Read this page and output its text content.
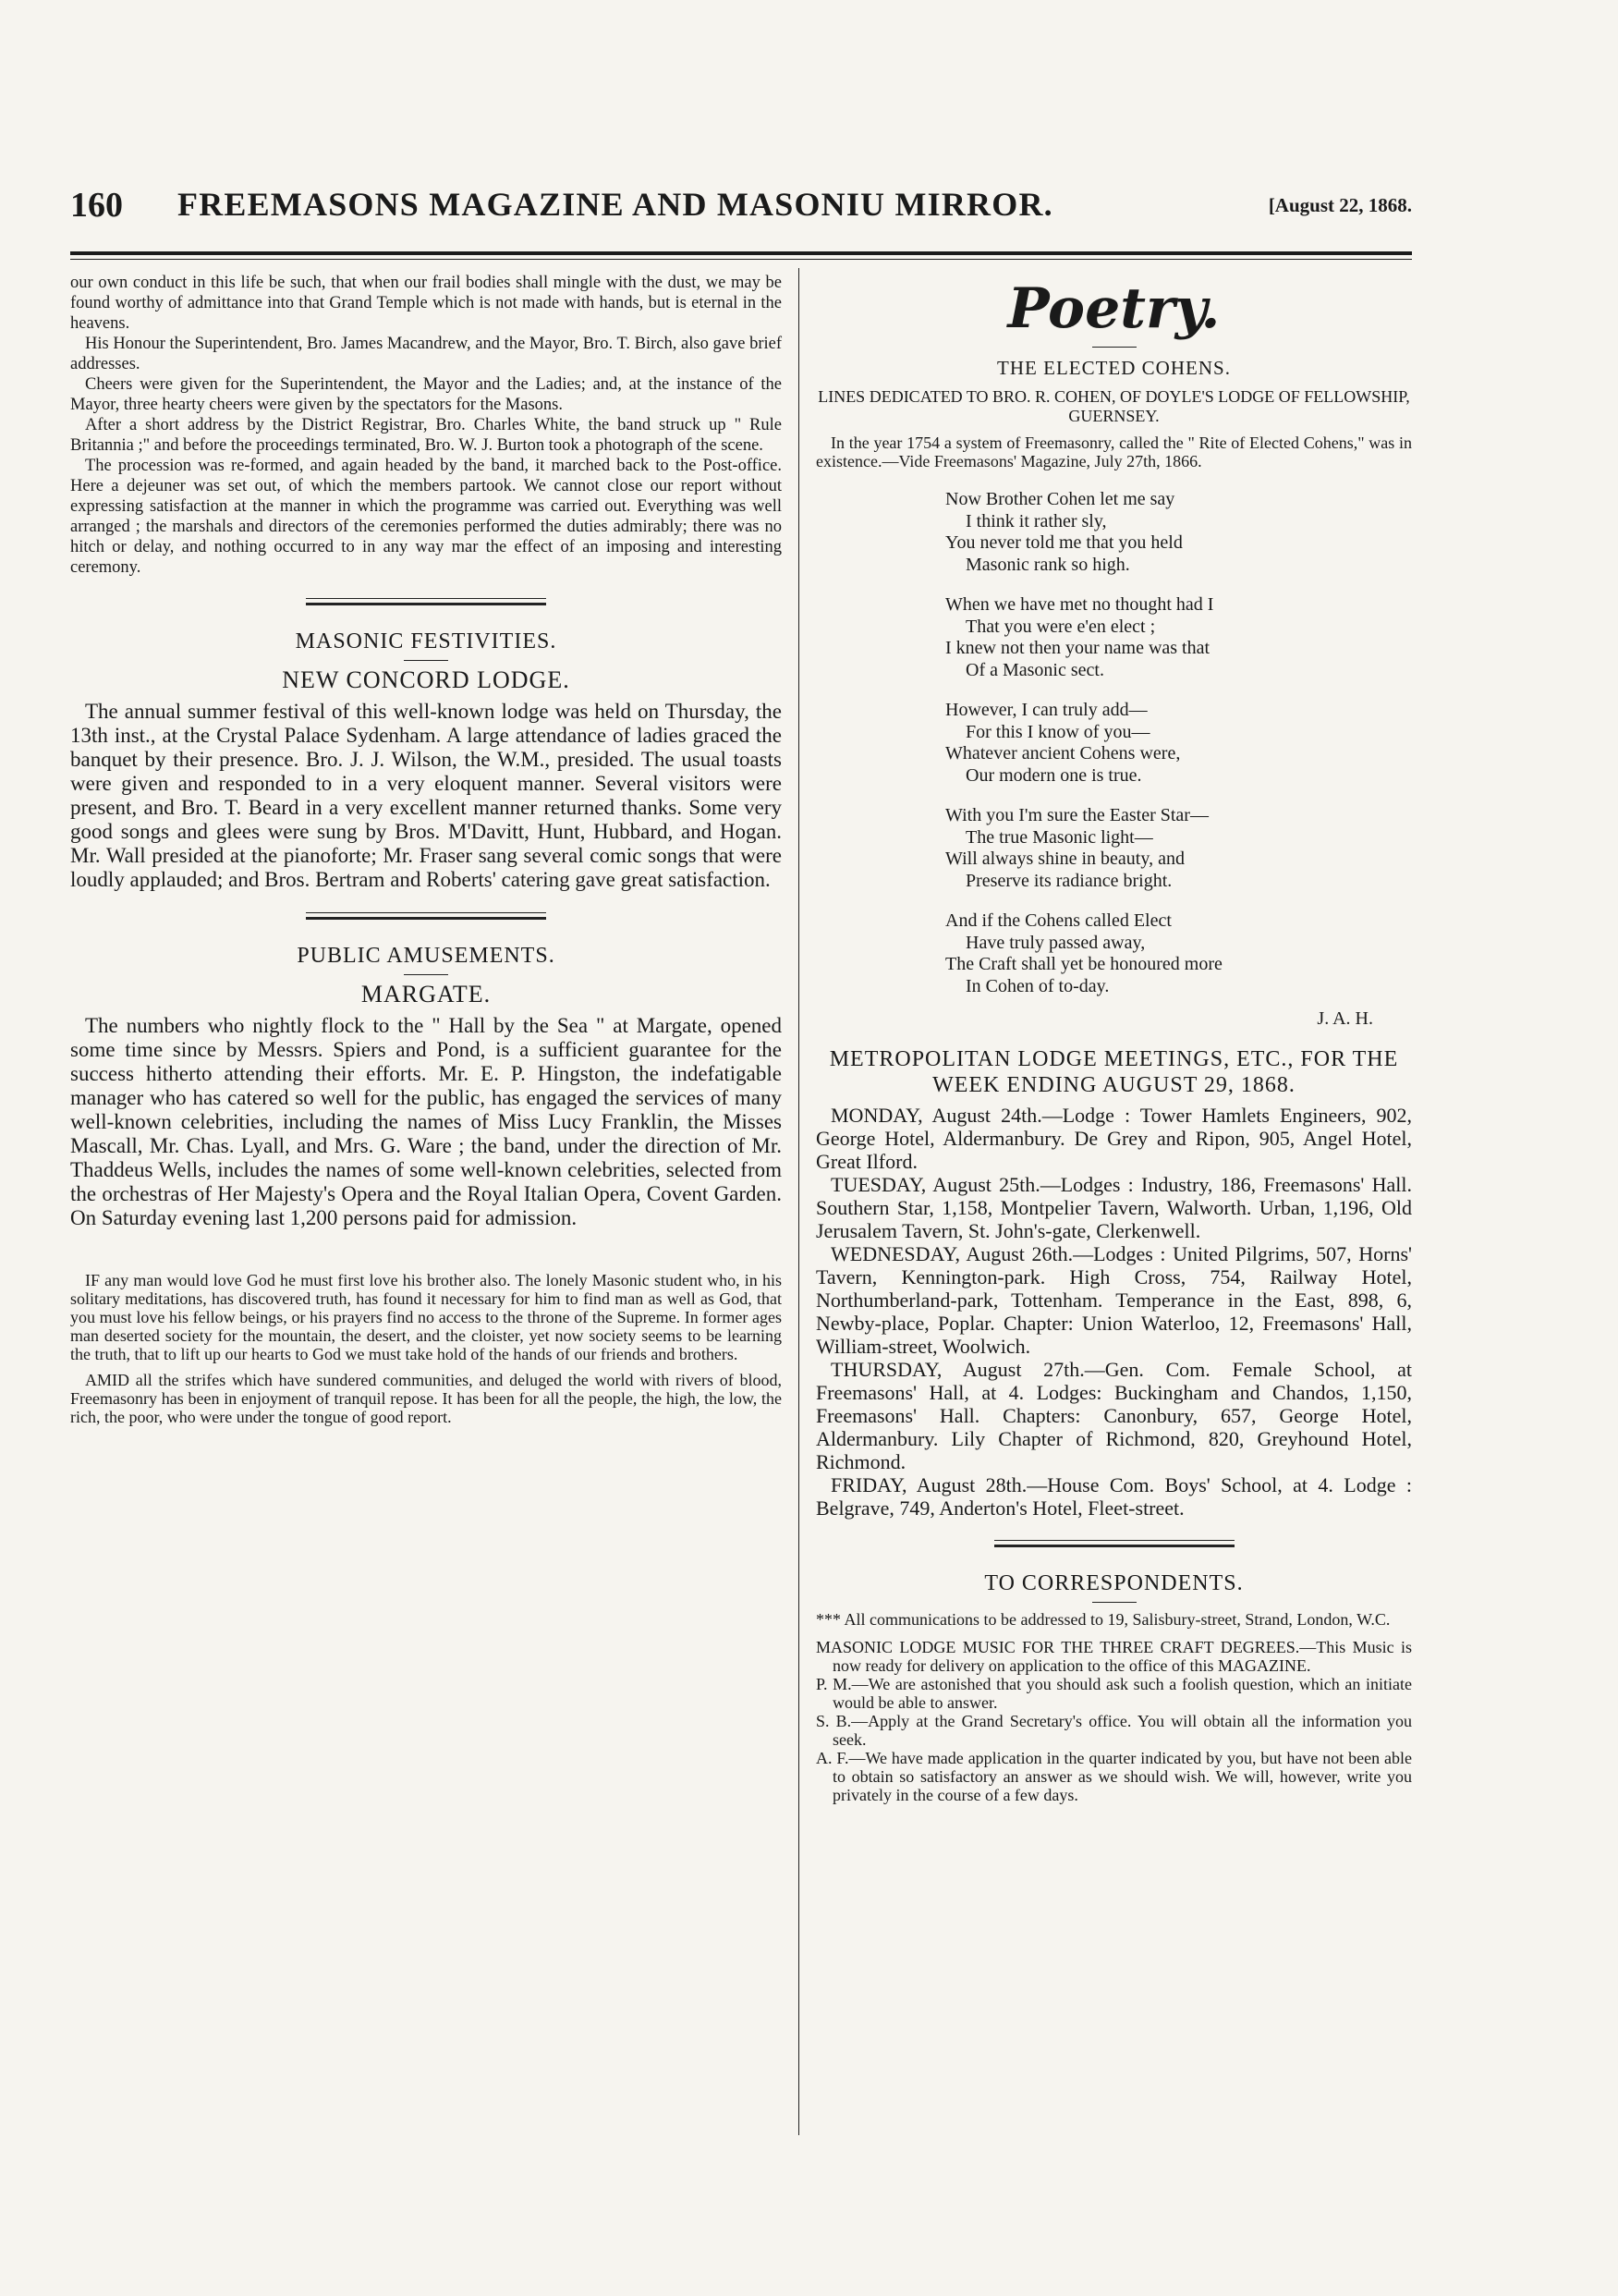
160 FREEMASONS MAGAZINE AND MASONIU MIRROR.	[August 22, 1868.

our own conduct in this life be such, that when our frail bodies shall mingle with the dust, we may be found worthy of admittance into that Grand Temple which is not made with hands, but is eternal in the heavens.

His Honour the Superintendent, Bro. James Macandrew, and the Mayor, Bro. T. Birch, also gave brief addresses.

Cheers were given for the Superintendent, the Mayor and the Ladies; and, at the instance of the Mayor, three hearty cheers were given by the spectators for the Masons.

After a short address by the District Registrar, Bro. Charles White, the band struck up " Rule Britannia ;" and before the proceedings terminated, Bro. W. J. Burton took a photograph of the scene.

The procession was re-formed, and again headed by the band, it marched back to the Post-office. Here a dejeuner was set out, of which the members partook. We cannot close our report without expressing satisfaction at the manner in which the programme was carried out. Everything was well arranged ; the marshals and directors of the ceremonies performed the duties admirably; there was no hitch or delay, and nothing occurred to in any way mar the effect of an imposing and interesting ceremony.

MASONIC FESTIVITIES.
NEW CONCORD LODGE.

The annual summer festival of this well-known lodge was held on Thursday, the 13th inst., at the Crystal Palace Sydenham. A large attendance of ladies graced the banquet by their presence. Bro. J. J. Wilson, the W.M., presided. The usual toasts were given and responded to in a very eloquent manner. Several visitors were present, and Bro. T. Beard in a very excellent manner returned thanks. Some very good songs and glees were sung by Bros. M'Davitt, Hunt, Hubbard, and Hogan. Mr. Wall presided at the pianoforte; Mr. Fraser sang several comic songs that were loudly applauded; and Bros. Bertram and Roberts' catering gave great satisfaction.

PUBLIC AMUSEMENTS.
MARGATE.

The numbers who nightly flock to the " Hall by the Sea " at Margate, opened some time since by Messrs. Spiers and Pond, is a sufficient guarantee for the success hitherto attending their efforts. Mr. E. P. Hingston, the indefatigable manager who has catered so well for the public, has engaged the services of many well-known celebrities, including the names of Miss Lucy Franklin, the Misses Mascall, Mr. Chas. Lyall, and Mrs. G. Ware ; the band, under the direction of Mr. Thaddeus Wells, includes the names of some well-known celebrities, selected from the orchestras of Her Majesty's Opera and the Royal Italian Opera, Covent Garden. On Saturday evening last 1,200 persons paid for admission.

IF any man would love God he must first love his brother also. The lonely Masonic student who, in his solitary meditations, has discovered truth, has found it necessary for him to find man as well as God, that you must love his fellow beings, or his prayers find no access to the throne of the Supreme. In former ages man deserted society for the mountain, the desert, and the cloister, yet now society seems to be learning the truth, that to lift up our hearts to God we must take hold of the hands of our friends and brothers.

AMID all the strifes which have sundered communities, and deluged the world with rivers of blood, Freemasonry has been in enjoyment of tranquil repose. It has been for all the people, the high, the low, the rich, the poor, who were under the tongue of good report.

Poetry.
THE ELECTED COHENS.

LINES DEDICATED TO BRO. R. COHEN, OF DOYLE'S LODGE OF FELLOWSHIP, GUERNSEY.

In the year 1754 a system of Freemasonry, called the " Rite of Elected Cohens," was in existence.—Vide Freemasons' Magazine, July 27th, 1866.

Now Brother Cohen let me say
I think it rather sly,
You never told me that you held
Masonic rank so high.
When we have met no thought had I
That you were e'en elect ;
I knew not then your name was that
Of a Masonic sect.
However, I can truly add—
For this I know of you—
Whatever ancient Cohens were,
Our modern one is true.
With you I'm sure the Easter Star—
The true Masonic light—
Will always shine in beauty, and
Preserve its radiance bright.
And if the Cohens called Elect
Have truly passed away,
The Craft shall yet be honoured more
In Cohen of to-day.
J. A. H.
METROPOLITAN LODGE MEETINGS, ETC., FOR THE WEEK ENDING AUGUST 29, 1868.

MONDAY, August 24th.—Lodge : Tower Hamlets Engineers, 902, George Hotel, Aldermanbury. De Grey and Ripon, 905, Angel Hotel, Great Ilford.

TUESDAY, August 25th.—Lodges : Industry, 186, Freemasons' Hall. Southern Star, 1,158, Montpelier Tavern, Walworth. Urban, 1,196, Old Jerusalem Tavern, St. John's-gate, Clerkenwell.

WEDNESDAY, August 26th.—Lodges : United Pilgrims, 507, Horns' Tavern, Kennington-park. High Cross, 754, Railway Hotel, Northumberland-park, Tottenham. Temperance in the East, 898, 6, Newby-place, Poplar. Chapter: Union Waterloo, 12, Freemasons' Hall, William-street, Woolwich.

THURSDAY, August 27th.—Gen. Com. Female School, at Freemasons' Hall, at 4. Lodges: Buckingham and Chandos, 1,150, Freemasons' Hall. Chapters: Canonbury, 657, George Hotel, Aldermanbury. Lily Chapter of Richmond, 820, Greyhound Hotel, Richmond.

FRIDAY, August 28th.—House Com. Boys' School, at 4. Lodge : Belgrave, 749, Anderton's Hotel, Fleet-street.

TO CORRESPONDENTS.

*** All communications to be addressed to 19, Salisbury-street, Strand, London, W.C.

MASONIC LODGE MUSIC FOR THE THREE CRAFT DEGREES.—This Music is now ready for delivery on application to the office of this MAGAZINE.

P. M.—We are astonished that you should ask such a foolish question, which an initiate would be able to answer.

S. B.—Apply at the Grand Secretary's office. You will obtain all the information you seek.

A. F.—We have made application in the quarter indicated by you, but have not been able to obtain so satisfactory an answer as we should wish. We will, however, write you privately in the course of a few days.
